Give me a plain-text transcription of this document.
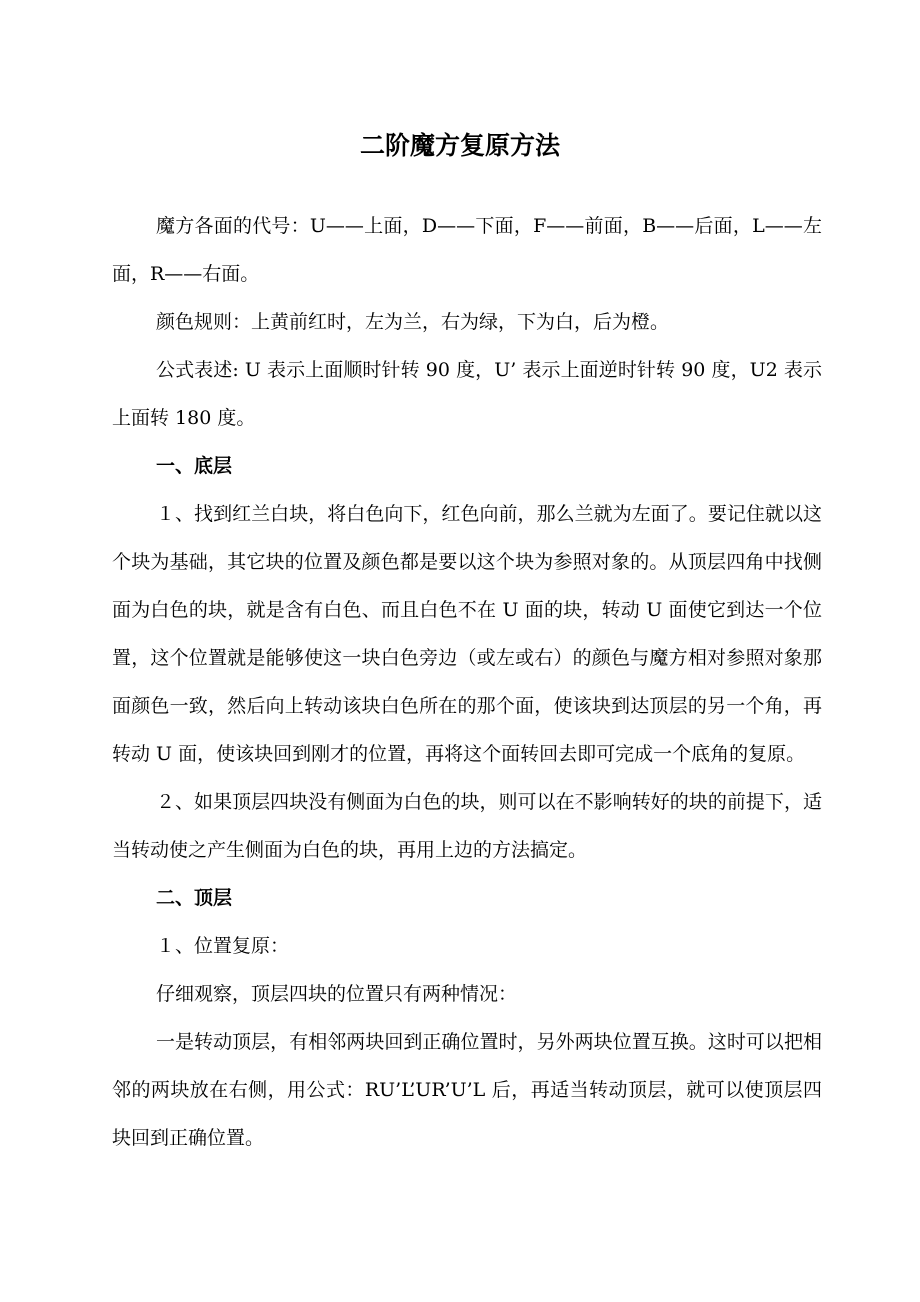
二阶魔方复原方法

魔方各面的代号：U——上面，D——下面，F——前面，B——后面，L——左面，R——右面。

颜色规则：上黄前红时，左为兰，右为绿，下为白，后为橙。

公式表述: U 表示上面顺时针转 90 度，U’ 表示上面逆时针转 90 度，U2 表示上面转 180 度。

一、底层

１、找到红兰白块，将白色向下，红色向前，那么兰就为左面了。要记住就以这个块为基础，其它块的位置及颜色都是要以这个块为参照对象的。从顶层四角中找侧面为白色的块，就是含有白色、而且白色不在 U 面的块，转动 U 面使它到达一个位置，这个位置就是能够使这一块白色旁边（或左或右）的颜色与魔方相对参照对象那面颜色一致，然后向上转动该块白色所在的那个面，使该块到达顶层的另一个角，再转动 U 面，使该块回到刚才的位置，再将这个面转回去即可完成一个底角的复原。

２、如果顶层四块没有侧面为白色的块，则可以在不影响转好的块的前提下，适当转动使之产生侧面为白色的块，再用上边的方法搞定。

二、顶层

１、位置复原：

仔细观察，顶层四块的位置只有两种情况：

一是转动顶层，有相邻两块回到正确位置时，另外两块位置互换。这时可以把相邻的两块放在右侧，用公式：RU’L’UR’U’L 后，再适当转动顶层，就可以使顶层四块回到正确位置。
